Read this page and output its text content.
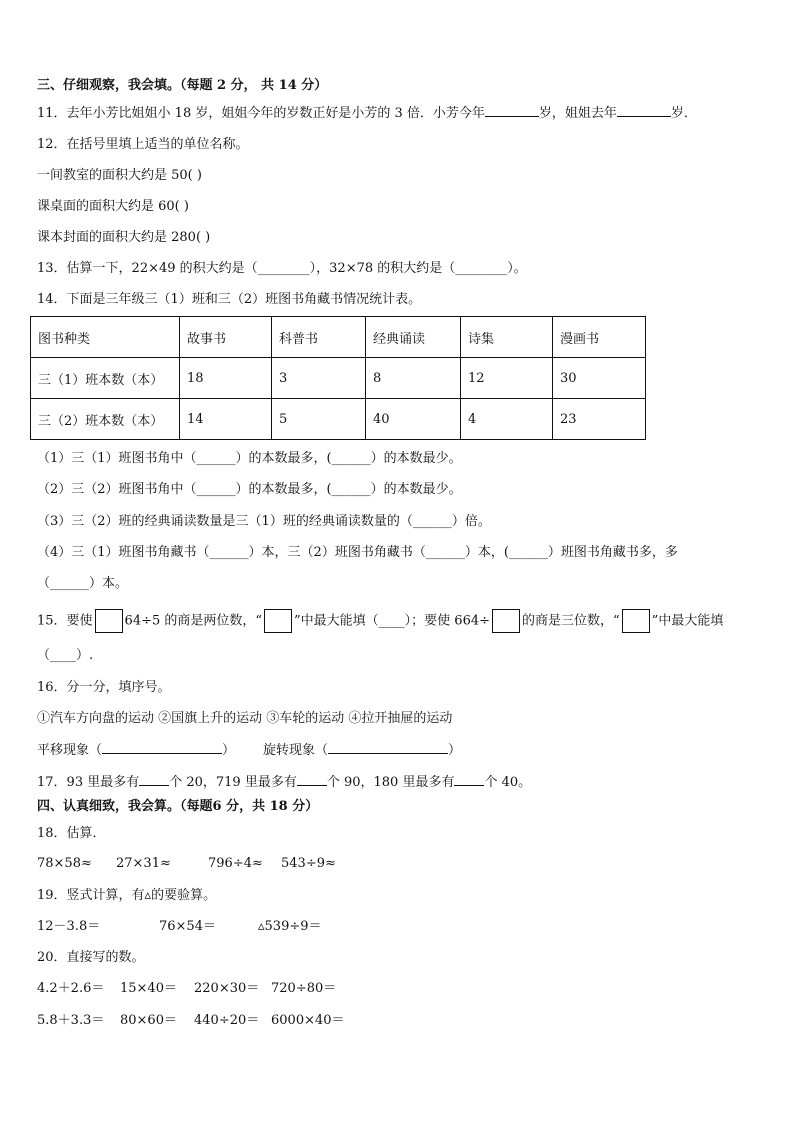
三、仔细观察，我会填。（每题 2 分， 共 14 分）
11．去年小芳比姐姐小 18 岁，姐姐今年的岁数正好是小芳的 3 倍．小芳今年	岁，姐姐去年	岁．
12．在括号里填上适当的单位名称。
一间教室的面积大约是 50( )
课桌面的面积大约是 60( )
课本封面的面积大约是 280( )
13．估算一下，22×49 的积大约是（________），32×78 的积大约是（________）。
14．下面是三年级三（1）班和三（2）班图书角藏书情况统计表。
图书种类	故事书	科普书	经典诵读	诗集	漫画书
三（1）班本数（本）	18	3	8	12	30
三（2）班本数（本）	14	5	40	4	23
（1）三（1）班图书角中（______）的本数最多，(______）的本数最少。
（2）三（2）班图书角中（______）的本数最多，(______）的本数最少。
（3）三（2）班的经典诵读数量是三（1）班的经典诵读数量的（______）倍。
（4）三（1）班图书角藏书（______）本，三（2）班图书角藏书（______）本，(______）班图书角藏书多，多
（______）本。
15．要使 64÷5 的商是两位数，“ ”中最大能填（____）；要使 664÷ 的商是三位数，“ ”中最大能填
（____）.
16．分一分，填序号。
①汽车方向盘的运动 ②国旗上升的运动 ③车轮的运动 ④拉开抽屉的运动
平移现象（	） 旋转现象（	）
17．93 里最多有 个 20，719 里最多有 个 90，180 里最多有 个 40。
四、认真细致，我会算。（每题6 分，共 18 分）
18．估算．
78×58≈ 27×31≈	796÷4≈ 543÷9≈
19．竖式计算，有▵的要验算。
12－3.8＝	76×54＝	▵539÷9＝
20．直接写的数。
4.2＋2.6＝ 15×40＝ 220×30＝ 720÷80＝
5.8＋3.3＝ 80×60＝ 440÷20＝ 6000×40＝
